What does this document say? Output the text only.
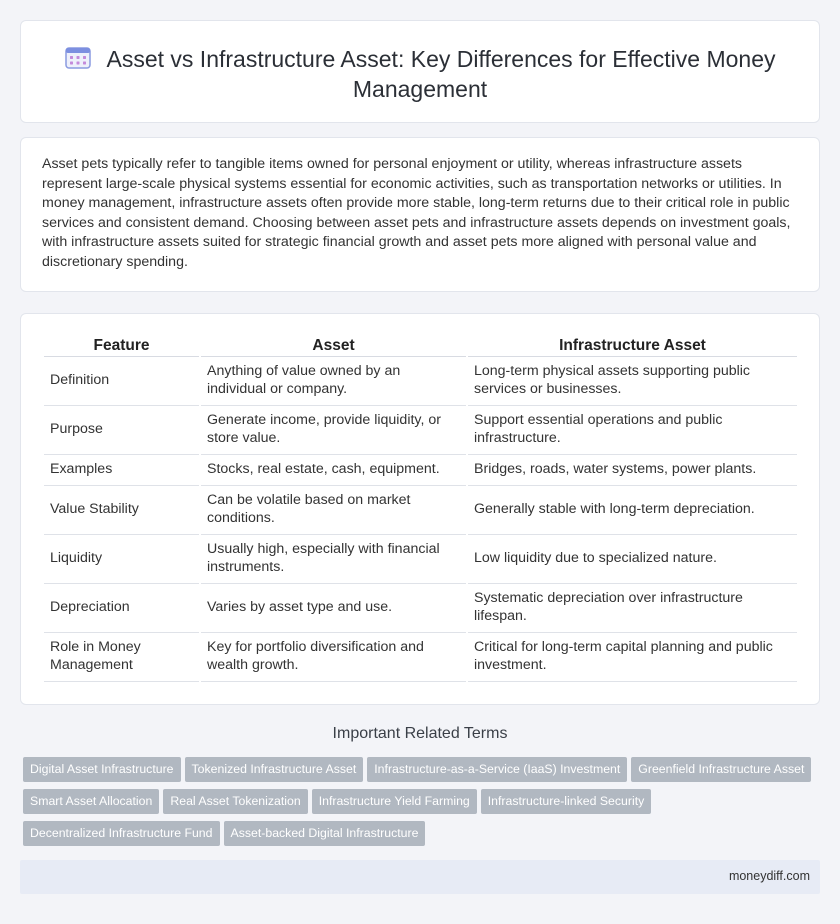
Asset vs Infrastructure Asset: Key Differences for Effective Money Management

Asset pets typically refer to tangible items owned for personal enjoyment or utility, whereas infrastructure assets represent large-scale physical systems essential for economic activities, such as transportation networks or utilities. In money management, infrastructure assets often provide more stable, long-term returns due to their critical role in public services and consistent demand. Choosing between asset pets and infrastructure assets depends on investment goals, with infrastructure assets suited for strategic financial growth and asset pets more aligned with personal value and discretionary spending.

Feature	Asset	Infrastructure Asset
Definition	Anything of value owned by an individual or company.	Long-term physical assets supporting public services or businesses.
Purpose	Generate income, provide liquidity, or store value.	Support essential operations and public infrastructure.
Examples	Stocks, real estate, cash, equipment.	Bridges, roads, water systems, power plants.
Value Stability	Can be volatile based on market conditions.	Generally stable with long-term depreciation.
Liquidity	Usually high, especially with financial instruments.	Low liquidity due to specialized nature.
Depreciation	Varies by asset type and use.	Systematic depreciation over infrastructure lifespan.
Role in Money Management	Key for portfolio diversification and wealth growth.	Critical for long-term capital planning and public investment.
Important Related Terms
Digital Asset Infrastructure Tokenized Infrastructure Asset Infrastructure-as-a-Service (IaaS) Investment Greenfield Infrastructure Asset
Smart Asset Allocation Real Asset Tokenization Infrastructure Yield Farming Infrastructure-linked Security
Decentralized Infrastructure Fund Asset-backed Digital Infrastructure
moneydiff.com
